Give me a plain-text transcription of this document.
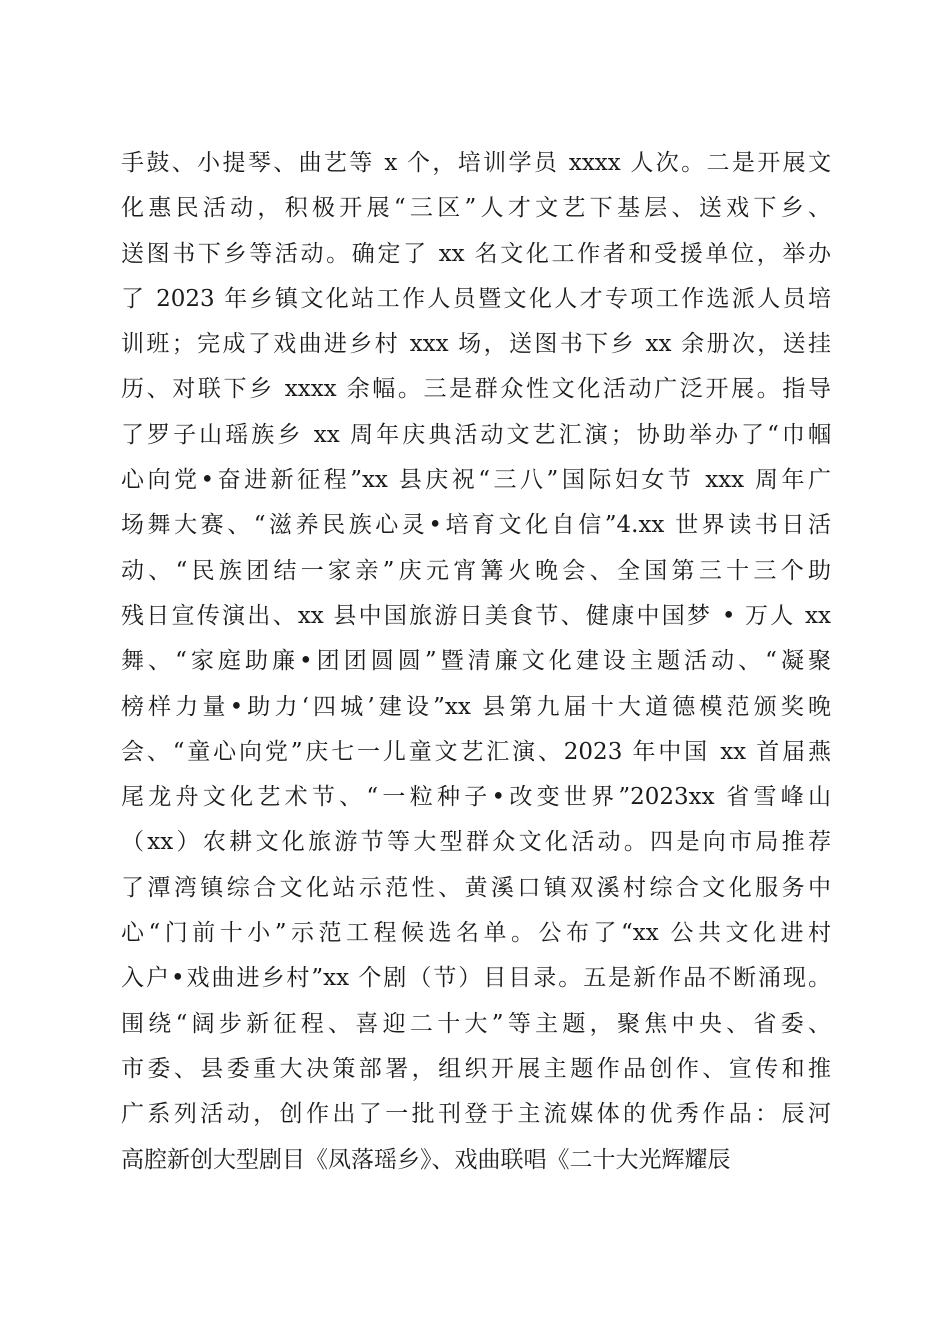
手鼓、小提琴、曲艺等 x 个，培训学员 xxxx 人次。二是开展文
化惠民活动，积极开展“三区”人才文艺下基层、送戏下乡、
送图书下乡等活动。确定了 xx 名文化工作者和受援单位，举办
了 2023 年乡镇文化站工作人员暨文化人才专项工作选派人员培
训班；完成了戏曲进乡村 xxx 场，送图书下乡 xx 余册次，送挂
历、对联下乡 xxxx 余幅。三是群众性文化活动广泛开展。指导
了罗子山瑶族乡 xx 周年庆典活动文艺汇演；协助举办了“巾帼
心向党•奋进新征程”xx 县庆祝“三八”国际妇女节 xxx 周年广
场舞大赛、“滋养民族心灵•培育文化自信”4.xx 世界读书日活
动、“民族团结一家亲”庆元宵篝火晚会、全国第三十三个助
残日宣传演出、xx 县中国旅游日美食节、健康中国梦 • 万人 xx
舞、“家庭助廉•团团圆圆”暨清廉文化建设主题活动、“凝聚
榜样力量•助力‘四城’建设”xx 县第九届十大道德模范颁奖晚
会、“童心向党”庆七一儿童文艺汇演、2023 年中国 xx 首届燕
尾龙舟文化艺术节、“一粒种子•改变世界”2023xx 省雪峰山
（xx）农耕文化旅游节等大型群众文化活动。四是向市局推荐
了潭湾镇综合文化站示范性、黄溪口镇双溪村综合文化服务中
心“门前十小”示范工程候选名单。公布了“xx 公共文化进村
入户•戏曲进乡村”xx 个剧（节）目目录。五是新作品不断涌现。
围绕“阔步新征程、喜迎二十大”等主题，聚焦中央、省委、
市委、县委重大决策部署，组织开展主题作品创作、宣传和推
广系列活动，创作出了一批刊登于主流媒体的优秀作品：辰河
高腔新创大型剧目《凤落瑶乡》、戏曲联唱《二十大光辉耀辰
